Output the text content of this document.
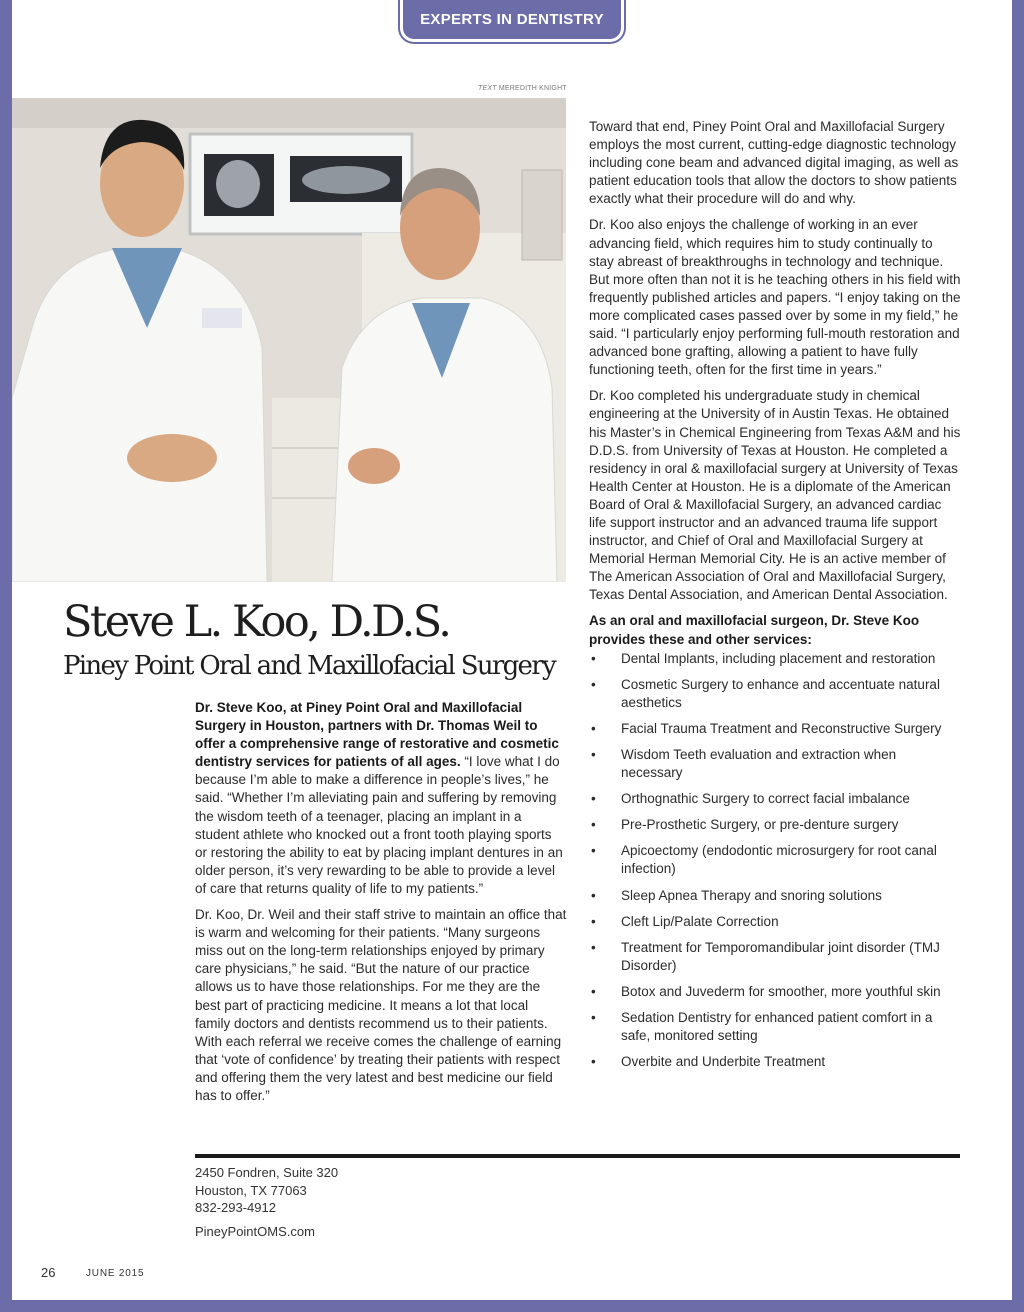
EXPERTS IN DENTISTRY
TEXT MEREDITH KNIGHT
Steve L. Koo, D.D.S.
Piney Point Oral and Maxillofacial Surgery

Dr. Steve Koo, at Piney Point Oral and Maxillofacial Surgery in Houston, partners with Dr. Thomas Weil to offer a comprehensive range of restorative and cosmetic dentistry services for patients of all ages. “I love what I do because I’m able to make a difference in people’s lives,” he said. “Whether I’m alleviating pain and suffering by removing the wisdom teeth of a teenager, placing an implant in a student athlete who knocked out a front tooth playing sports or restoring the ability to eat by placing implant dentures in an older person, it’s very rewarding to be able to provide a level of care that returns quality of life to my patients.”

Dr. Koo, Dr. Weil and their staff strive to maintain an office that is warm and welcoming for their patients. “Many surgeons miss out on the long-term relationships enjoyed by primary care physicians,” he said. “But the nature of our practice allows us to have those relationships. For me they are the best part of practicing medicine. It means a lot that local family doctors and dentists recommend us to their patients. With each referral we receive comes the challenge of earning that ‘vote of confidence’ by treating their patients with respect and offering them the very latest and best medicine our field has to offer.”

Toward that end, Piney Point Oral and Maxillofacial Surgery employs the most current, cutting-edge diagnostic technology including cone beam and advanced digital imaging, as well as patient education tools that allow the doctors to show patients exactly what their procedure will do and why.

Dr. Koo also enjoys the challenge of working in an ever advancing field, which requires him to study continually to stay abreast of breakthroughs in technology and technique. But more often than not it is he teaching others in his field with frequently published articles and papers. “I enjoy taking on the more complicated cases passed over by some in my field,” he said. “I particularly enjoy performing full-mouth restoration and advanced bone grafting, allowing a patient to have fully functioning teeth, often for the first time in years.”

Dr. Koo completed his undergraduate study in chemical engineering at the University of in Austin Texas. He obtained his Master’s in Chemical Engineering from Texas A&M and his D.D.S. from University of Texas at Houston. He completed a residency in oral & maxillofacial surgery at University of Texas Health Center at Houston. He is a diplomate of the American Board of Oral & Maxillofacial Surgery, an advanced cardiac life support instructor and an advanced trauma life support instructor, and Chief of Oral and Maxillofacial Surgery at Memorial Herman Memorial City. He is an active member of The American Association of Oral and Maxillofacial Surgery, Texas Dental Association, and American Dental Association.

As an oral and maxillofacial surgeon, Dr. Steve Koo provides these and other services:
• Dental Implants, including placement and restoration
• Cosmetic Surgery to enhance and accentuate natural aesthetics
• Facial Trauma Treatment and Reconstructive Surgery
• Wisdom Teeth evaluation and extraction when necessary
• Orthognathic Surgery to correct facial imbalance
• Pre-Prosthetic Surgery, or pre-denture surgery
• Apicoectomy (endodontic microsurgery for root canal infection)
• Sleep Apnea Therapy and snoring solutions
• Cleft Lip/Palate Correction
• Treatment for Temporomandibular joint disorder (TMJ Disorder)
• Botox and Juvederm for smoother, more youthful skin
• Sedation Dentistry for enhanced patient comfort in a safe, monitored setting
• Overbite and Underbite Treatment
2450 Fondren, Suite 320
Houston, TX 77063
832-293-4912
PineyPointOMS.com
26	JUNE 2015
